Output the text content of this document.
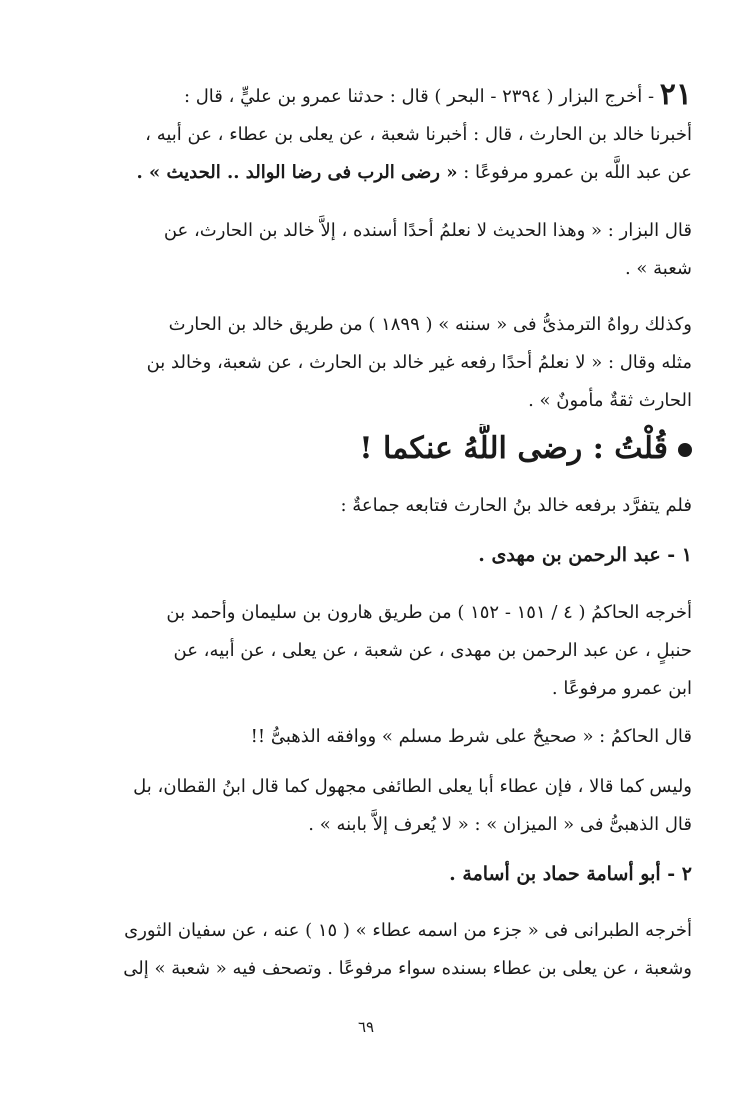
٢١ - أخرج البزار ( ٢٣٩٤ - البحر ) قال : حدثنا عمرو بن عليٍّ ، قال :
أخبرنا خالد بن الحارث ، قال : أخبرنا شعبة ، عن يعلى بن عطاء ، عن أبيه ،
عن عبد اللَّه بن عمرو مرفوعًا : « رضى الرب فى رضا الوالد .. الحديث » .
قال البزار : « وهذا الحديث لا نعلمُ أحدًا أسنده ، إلاَّ خالد بن الحارث، عن
شعبة » .
وكذلك رواهُ الترمذىُّ فى « سننه » ( ١٨٩٩ ) من طريق خالد بن الحارث
مثله وقال : « لا نعلمُ أحدًا رفعه غير خالد بن الحارث ، عن شعبة، وخالد بن
الحارث ثقةٌ مأمونٌ » .
قُلْتُ : رضى اللَّهُ عنكما !
فلم يتفرَّد برفعه خالد بنُ الحارث فتابعه جماعةٌ :
١ - عبد الرحمن بن مهدى .
أخرجه الحاكمُ ( ٤ / ١٥١ - ١٥٢ ) من طريق هارون بن سليمان وأحمد بن
حنبلٍ ، عن عبد الرحمن بن مهدى ، عن شعبة ، عن يعلى ، عن أبيه، عن
ابن عمرو مرفوعًا .
قال الحاكمُ : « صحيحٌ على شرط مسلم » ووافقه الذهبىُّ !!
وليس كما قالا ، فإن عطاء أبا يعلى الطائفى مجهول كما قال ابنُ القطان، بل
قال الذهبىُّ فى « الميزان » : « لا يُعرف إلاَّ بابنه » .
٢ - أبو أسامة حماد بن أسامة .
أخرجه الطبرانى فى « جزء من اسمه عطاء » ( ١٥ ) عنه ، عن سفيان الثورى
وشعبة ، عن يعلى بن عطاء بسنده سواء مرفوعًا . وتصحف فيه « شعبة » إلى
٦٩
